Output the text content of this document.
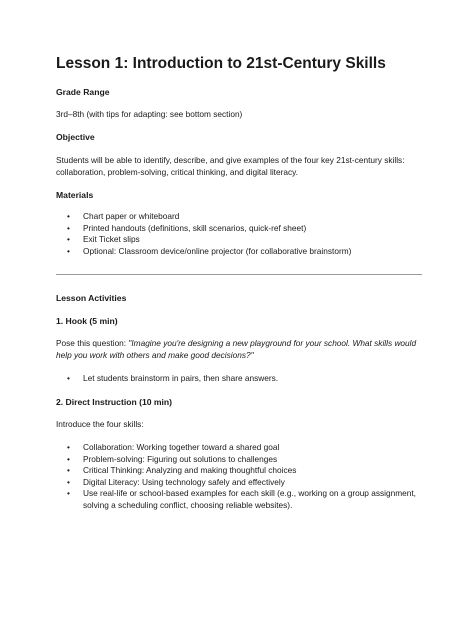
Lesson 1: Introduction to 21st-Century Skills
Grade Range
3rd–8th (with tips for adapting: see bottom section)
Objective
Students will be able to identify, describe, and give examples of the four key 21st-century skills: collaboration, problem-solving, critical thinking, and digital literacy.
Materials
• Chart paper or whiteboard
• Printed handouts (definitions, skill scenarios, quick-ref sheet)
• Exit Ticket slips
• Optional: Classroom device/online projector (for collaborative brainstorm)
Lesson Activities
1. Hook (5 min)
Pose this question: "Imagine you're designing a new playground for your school. What skills would help you work with others and make good decisions?"
• Let students brainstorm in pairs, then share answers.
2. Direct Instruction (10 min)
Introduce the four skills:
• Collaboration: Working together toward a shared goal
• Problem-solving: Figuring out solutions to challenges
• Critical Thinking: Analyzing and making thoughtful choices
• Digital Literacy: Using technology safely and effectively
• Use real-life or school-based examples for each skill (e.g., working on a group assignment, solving a scheduling conflict, choosing reliable websites).
